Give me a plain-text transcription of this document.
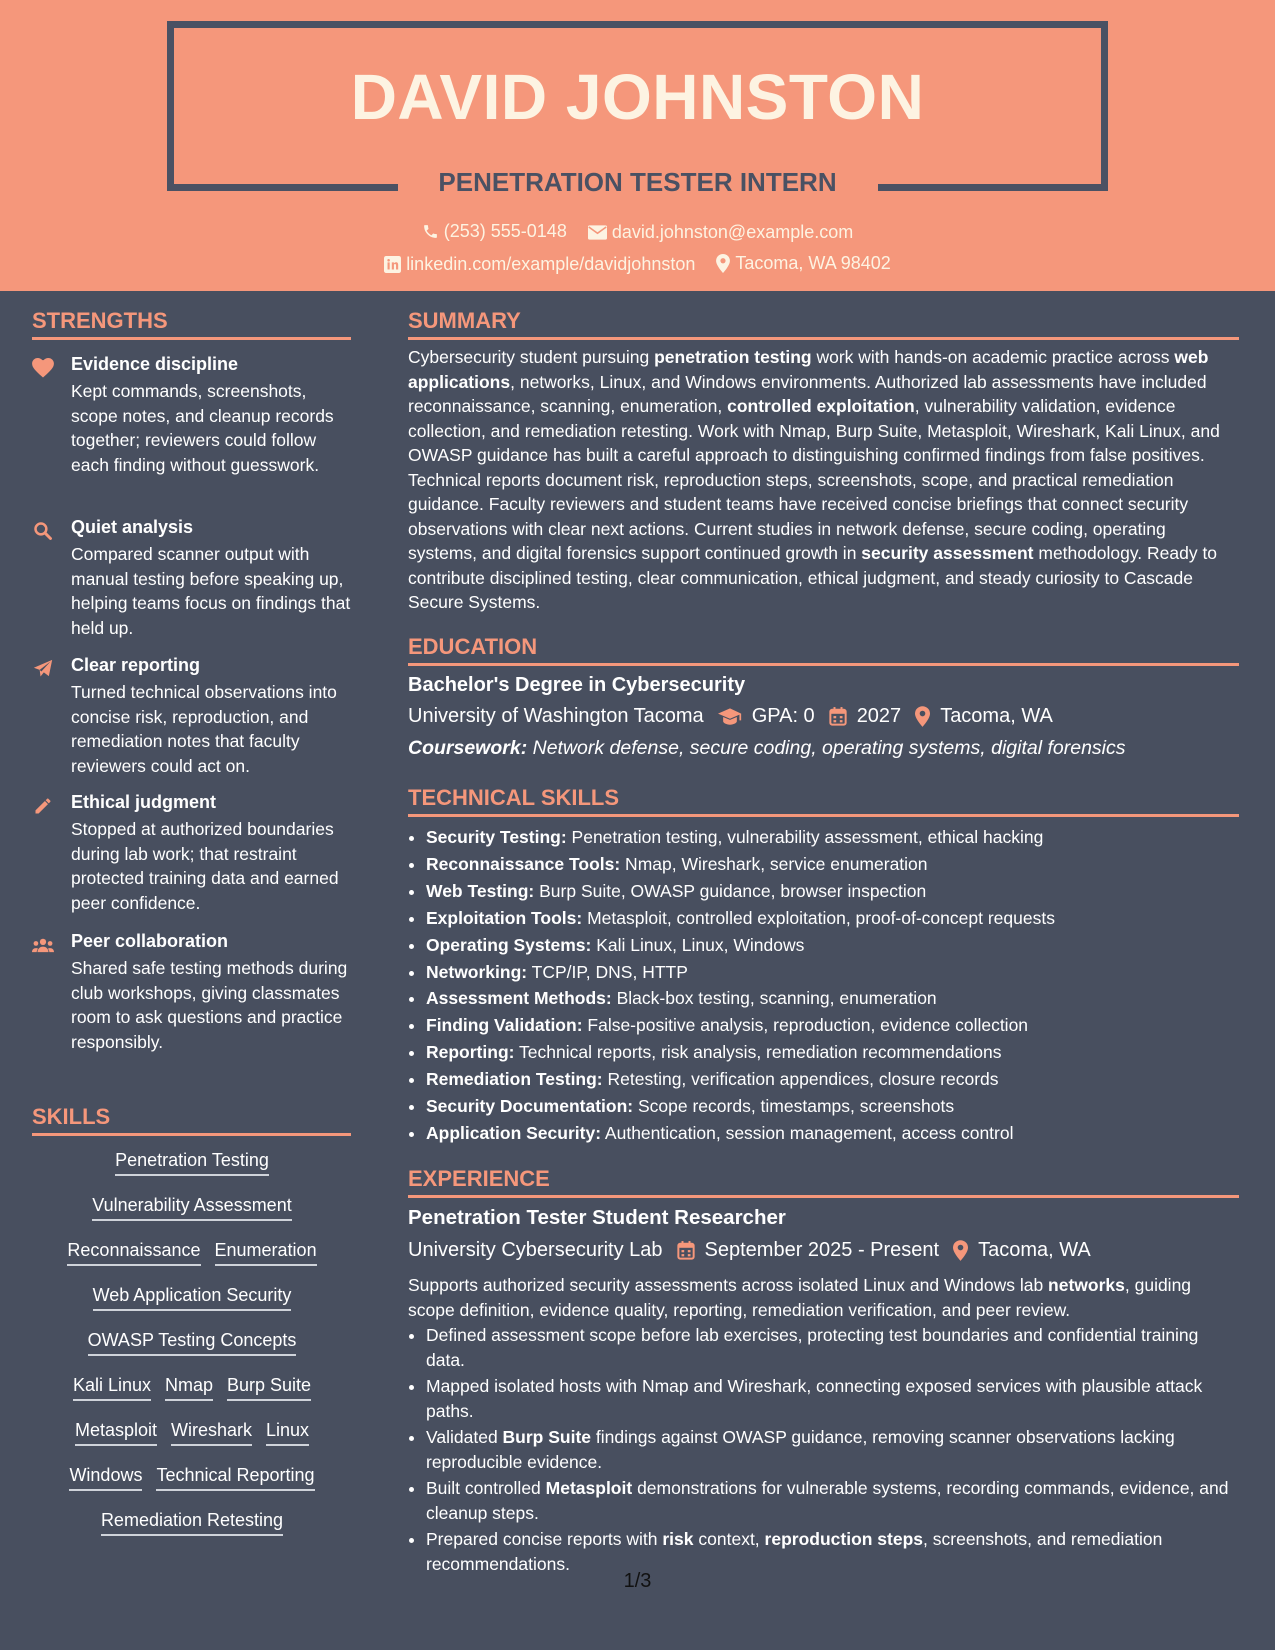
DAVID JOHNSTON
PENETRATION TESTER INTERN
(253) 555-0148
	david.johnston@example.com
linkedin.com/example/davidjohnston
Tacoma, WA 98402
STRENGTHS
Evidence discipline
Kept commands, screenshots, scope notes, and cleanup records together; reviewers could follow each finding without guesswork.
Quiet analysis
Compared scanner output with manual testing before speaking up, helping teams focus on findings that held up.
Clear reporting
Turned technical observations into concise risk, reproduction, and remediation notes that faculty reviewers could act on.
Ethical judgment
Stopped at authorized boundaries during lab work; that restraint protected training data and earned peer confidence.
Peer collaboration
Shared safe testing methods during club workshops, giving classmates room to ask questions and practice responsibly.
SKILLS
Penetration Testing
Vulnerability Assessment
Reconnaissance Enumeration
Web Application Security
OWASP Testing Concepts
Kali Linux Nmap Burp Suite
Metasploit Wireshark Linux
Windows Technical Reporting
Remediation Retesting
SUMMARY
Cybersecurity student pursuing penetration testing work with hands-on academic practice across web applications, networks, Linux, and Windows environments. Authorized lab assessments have included reconnaissance, scanning, enumeration, controlled exploitation, vulnerability validation, evidence collection, and remediation retesting. Work with Nmap, Burp Suite, Metasploit, Wireshark, Kali Linux, and OWASP guidance has built a careful approach to distinguishing confirmed findings from false positives. Technical reports document risk, reproduction steps, screenshots, scope, and practical remediation guidance. Faculty reviewers and student teams have received concise briefings that connect security observations with clear next actions. Current studies in network defense, secure coding, operating systems, and digital forensics support continued growth in security assessment methodology. Ready to contribute disciplined testing, clear communication, ethical judgment, and steady curiosity to Cascade Secure Systems.
EDUCATION
Bachelor's Degree in Cybersecurity
University of Washington Tacoma GPA: 0 2027 Tacoma, WA
Coursework: Network defense, secure coding, operating systems, digital forensics
TECHNICAL SKILLS
• Security Testing: Penetration testing, vulnerability assessment, ethical hacking
• Reconnaissance Tools: Nmap, Wireshark, service enumeration
• Web Testing: Burp Suite, OWASP guidance, browser inspection
• Exploitation Tools: Metasploit, controlled exploitation, proof-of-concept requests
• Operating Systems: Kali Linux, Linux, Windows
• Networking: TCP/IP, DNS, HTTP
• Assessment Methods: Black-box testing, scanning, enumeration
• Finding Validation: False-positive analysis, reproduction, evidence collection
• Reporting: Technical reports, risk analysis, remediation recommendations
• Remediation Testing: Retesting, verification appendices, closure records
• Security Documentation: Scope records, timestamps, screenshots
• Application Security: Authentication, session management, access control
EXPERIENCE
Penetration Tester Student Researcher
University Cybersecurity Lab September 2025 - Present Tacoma, WA
Supports authorized security assessments across isolated Linux and Windows lab networks, guiding scope definition, evidence quality, reporting, remediation verification, and peer review.
• Defined assessment scope before lab exercises, protecting test boundaries and confidential training data.
• Mapped isolated hosts with Nmap and Wireshark, connecting exposed services with plausible attack paths.
• Validated Burp Suite findings against OWASP guidance, removing scanner observations lacking reproducible evidence.
• Built controlled Metasploit demonstrations for vulnerable systems, recording commands, evidence, and cleanup steps.
• Prepared concise reports with risk context, reproduction steps, screenshots, and remediation recommendations.
1/3
